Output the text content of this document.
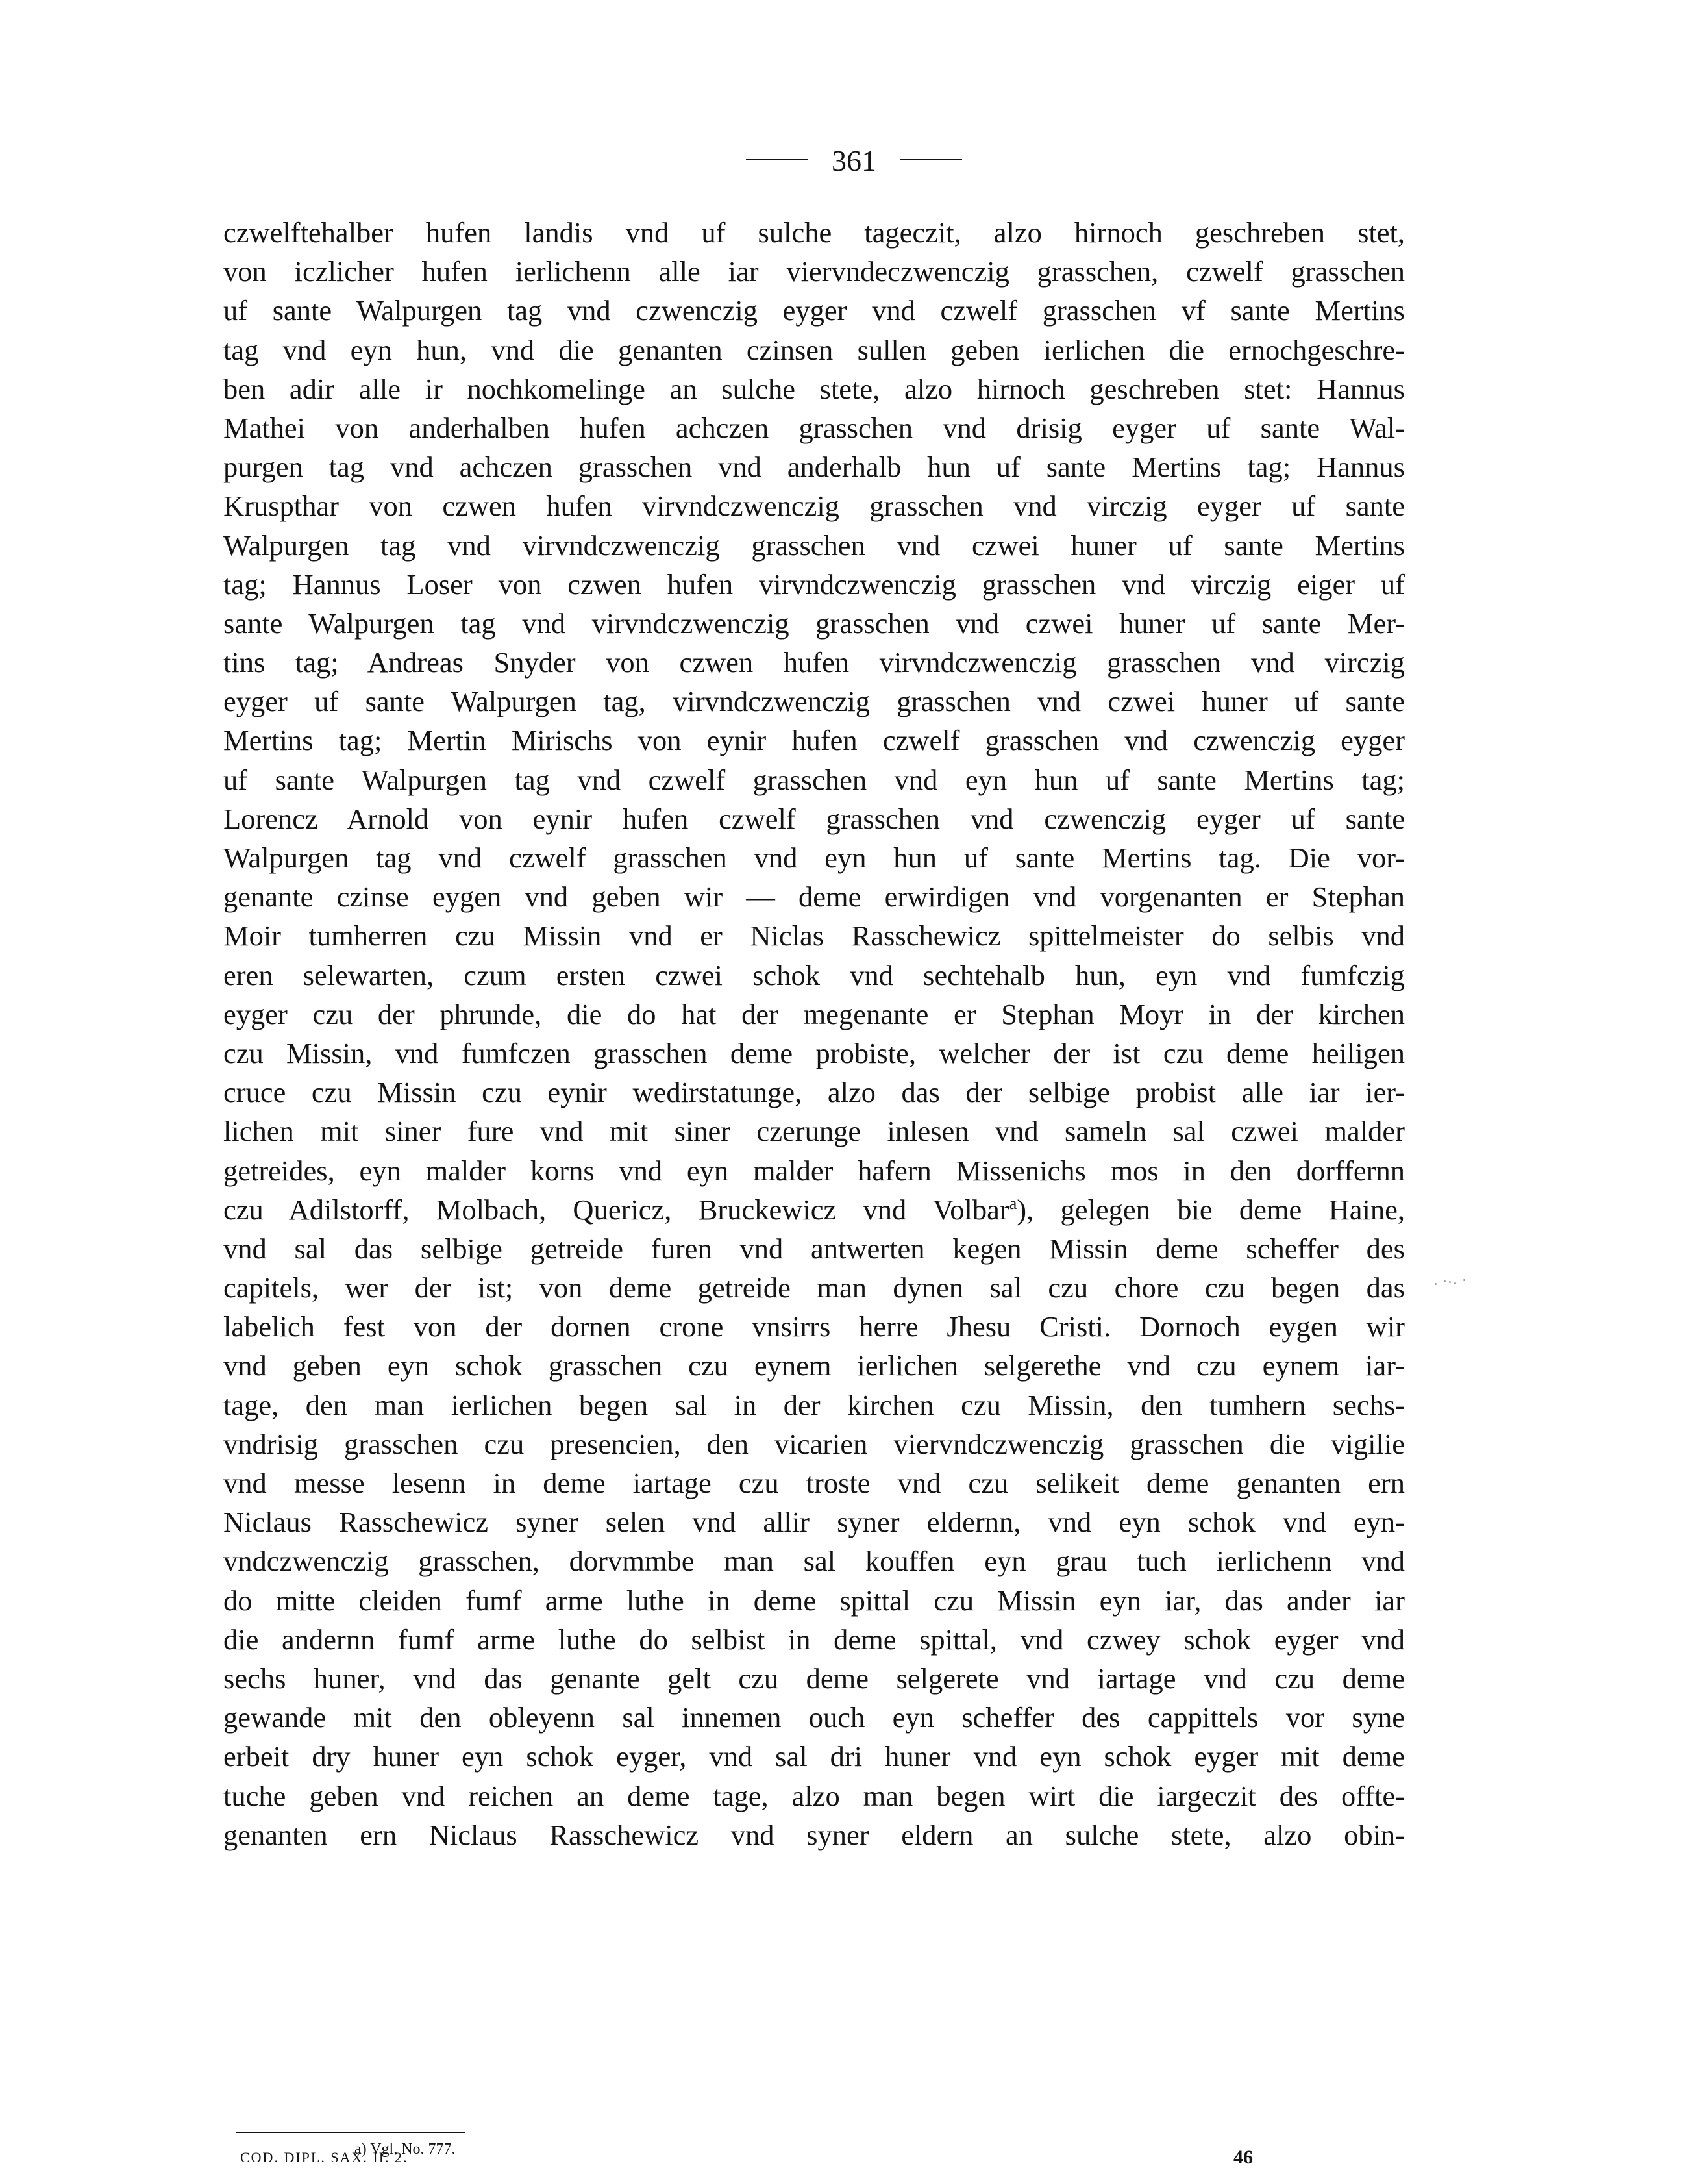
361
czwelftehalber hufen landis vnd uf sulche tageczit, alzo hirnoch geschreben stet,
von iczlicher hufen ierlichenn alle iar viervndeczwenczig grasschen, czwelf grasschen
uf sante Walpurgen tag vnd czwenczig eyger vnd czwelf grasschen vf sante Mertins
tag vnd eyn hun, vnd die genanten czinsen sullen geben ierlichen die ernochgeschre-
ben adir alle ir nochkomelinge an sulche stete, alzo hirnoch geschreben stet: Hannus
Mathei von anderhalben hufen achczen grasschen vnd drisig eyger uf sante Wal-
purgen tag vnd achczen grasschen vnd anderhalb hun uf sante Mertins tag; Hannus
Kruspthar von czwen hufen virvndczwenczig grasschen vnd virczig eyger uf sante
Walpurgen tag vnd virvndczwenczig grasschen vnd czwei huner uf sante Mertins
tag; Hannus Loser von czwen hufen virvndczwenczig grasschen vnd virczig eiger uf
sante Walpurgen tag vnd virvndczwenczig grasschen vnd czwei huner uf sante Mer-
tins tag; Andreas Snyder von czwen hufen virvndczwenczig grasschen vnd virczig
eyger uf sante Walpurgen tag, virvndczwenczig grasschen vnd czwei huner uf sante
Mertins tag; Mertin Mirischs von eynir hufen czwelf grasschen vnd czwenczig eyger
uf sante Walpurgen tag vnd czwelf grasschen vnd eyn hun uf sante Mertins tag;
Lorencz Arnold von eynir hufen czwelf grasschen vnd czwenczig eyger uf sante
Walpurgen tag vnd czwelf grasschen vnd eyn hun uf sante Mertins tag. Die vor-
genante czinse eygen vnd geben wir — deme erwirdigen vnd vorgenanten er Stephan
Moir tumherren czu Missin vnd er Niclas Rasschewicz spittelmeister do selbis vnd
eren selewarten, czum ersten czwei schok vnd sechtehalb hun, eyn vnd fumfczig
eyger czu der phrunde, die do hat der megenante er Stephan Moyr in der kirchen
czu Missin, vnd fumfczen grasschen deme probiste, welcher der ist czu deme heiligen
cruce czu Missin czu eynir wedirstatunge, alzo das der selbige probist alle iar ier-
lichen mit siner fure vnd mit siner czerunge inlesen vnd sameln sal czwei malder
getreides, eyn malder korns vnd eyn malder hafern Missenichs mos in den dorffernn
czu Adilstorff, Molbach, Quericz, Bruckewicz vnd Volbar$^a$), gelegen bie deme Haine,
vnd sal das selbige getreide furen vnd antwerten kegen Missin deme scheffer des
capitels, wer der ist; von deme getreide man dynen sal czu chore czu begen das
labelich fest von der dornen crone vnsirrs herre Jhesu Cristi. Dornoch eygen wir
vnd geben eyn schok grasschen czu eynem ierlichen selgerethe vnd czu eynem iar-
tage, den man ierlichen begen sal in der kirchen czu Missin, den tumhern sechs-
vndrisig grasschen czu presencien, den vicarien viervndczwenczig grasschen die vigilie
vnd messe lesenn in deme iartage czu troste vnd czu selikeit deme genanten ern
Niclaus Rasschewicz syner selen vnd allir syner eldernn, vnd eyn schok vnd eyn-
vndczwenczig grasschen, dorvmmbe man sal kouffen eyn grau tuch ierlichenn vnd
do mitte cleiden fumf arme luthe in deme spittal czu Missin eyn iar, das ander iar
die andernn fumf arme luthe do selbist in deme spittal, vnd czwey schok eyger vnd
sechs huner, vnd das genante gelt czu deme selgerete vnd iartage vnd czu deme
gewande mit den obleyenn sal innemen ouch eyn scheffer des cappittels vor syne
erbeit dry huner eyn schok eyger, vnd sal dri huner vnd eyn schok eyger mit deme
tuche geben vnd reichen an deme tage, alzo man begen wirt die iargeczit des offte-
genanten ern Niclaus Rasschewicz vnd syner eldern an sulche stete, alzo obin-
a) Vgl. No. 777.
COD. DIPL. SAX. II. 2.	46
